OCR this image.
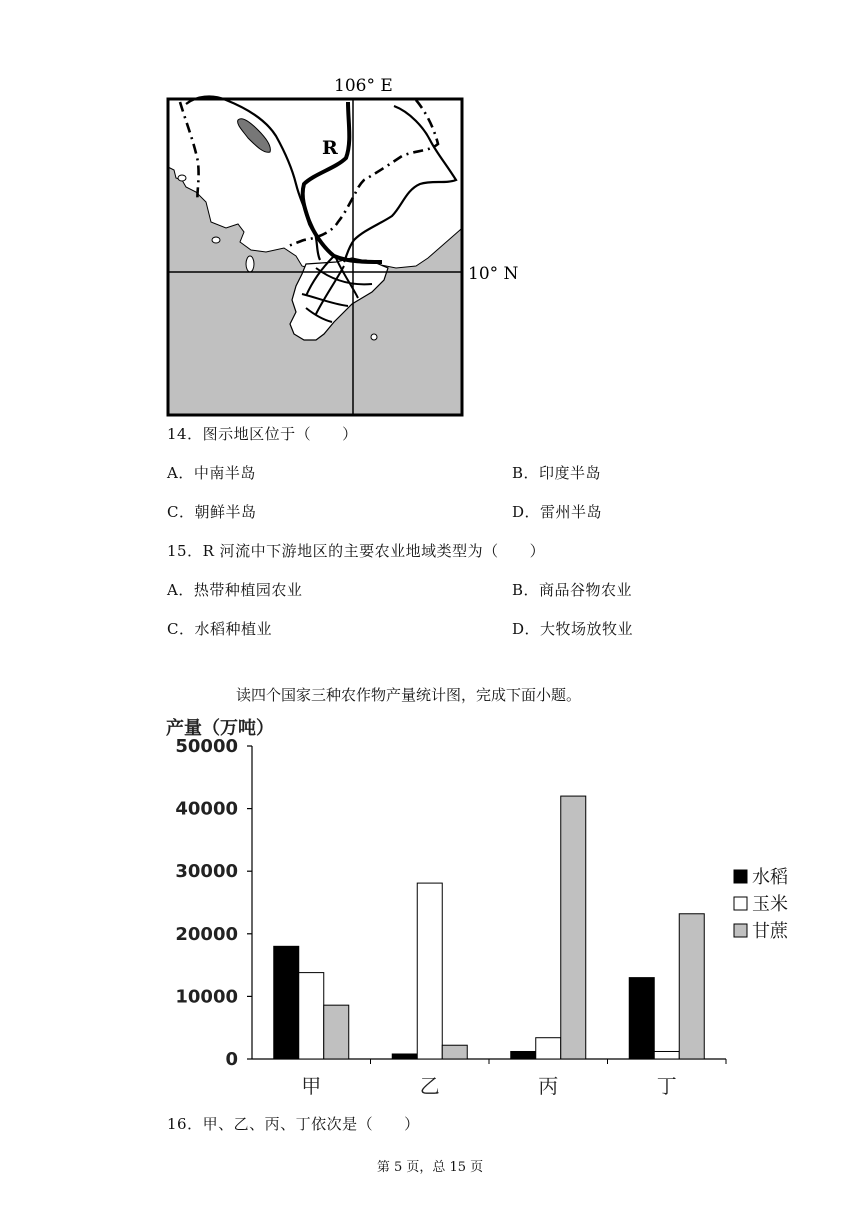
106° E
10° N
R
14．图示地区位于（　　）
A．中南半岛	B．印度半岛
C．朝鲜半岛	D．雷州半岛
15．R 河流中下游地区的主要农业地域类型为（　　）
A．热带种植园农业	B．商品谷物农业
C．水稻种植业	D．大牧场放牧业
读四个国家三种农作物产量统计图，完成下面小题。
产量（万吨）
0
10000
20000
30000
40000
50000
甲	乙	丙	丁
水稻
玉米
甘蔗
16．甲、乙、丙、丁依次是（　　）
第 5 页，总 15 页
